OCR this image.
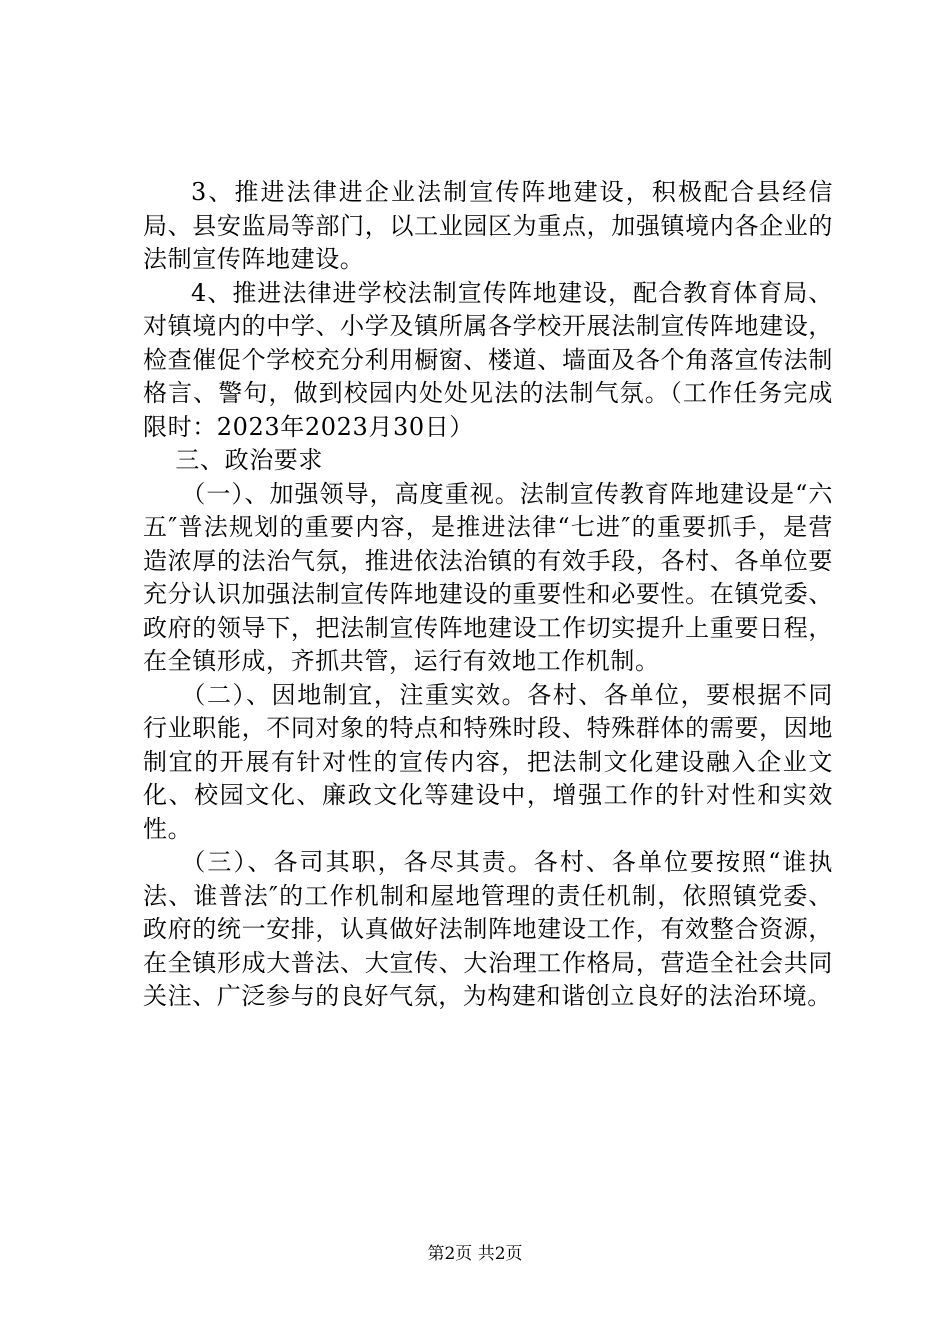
3、推进法律进企业法制宣传阵地建设，积极配合县经信局、县安监局等部门，以工业园区为重点，加强镇境内各企业的法制宣传阵地建设。

4、推进法律进学校法制宣传阵地建设，配合教育体育局、对镇境内的中学、小学及镇所属各学校开展法制宣传阵地建设，检查催促个学校充分利用橱窗、楼道、墙面及各个角落宣传法制格言、警句，做到校园内处处见法的法制气氛。（工作任务完成限时：2023年2023月30日）

三、政治要求

（一）、加强领导，高度重视。法制宣传教育阵地建设是“六五″普法规划的重要内容，是推进法律“七进″的重要抓手，是营造浓厚的法治气氛，推进依法治镇的有效手段，各村、各单位要充分认识加强法制宣传阵地建设的重要性和必要性。在镇党委、政府的领导下，把法制宣传阵地建设工作切实提升上重要日程，在全镇形成，齐抓共管，运行有效地工作机制。

（二）、因地制宜，注重实效。各村、各单位，要根据不同行业职能，不同对象的特点和特殊时段、特殊群体的需要，因地制宜的开展有针对性的宣传内容，把法制文化建设融入企业文化、校园文化、廉政文化等建设中，增强工作的针对性和实效性。

（三）、各司其职，各尽其责。各村、各单位要按照“谁执法、谁普法″的工作机制和屋地管理的责任机制，依照镇党委、政府的统一安排，认真做好法制阵地建设工作，有效整合资源，在全镇形成大普法、大宣传、大治理工作格局，营造全社会共同关注、广泛参与的良好气氛，为构建和谐创立良好的法治环境。

第2页 共2页
